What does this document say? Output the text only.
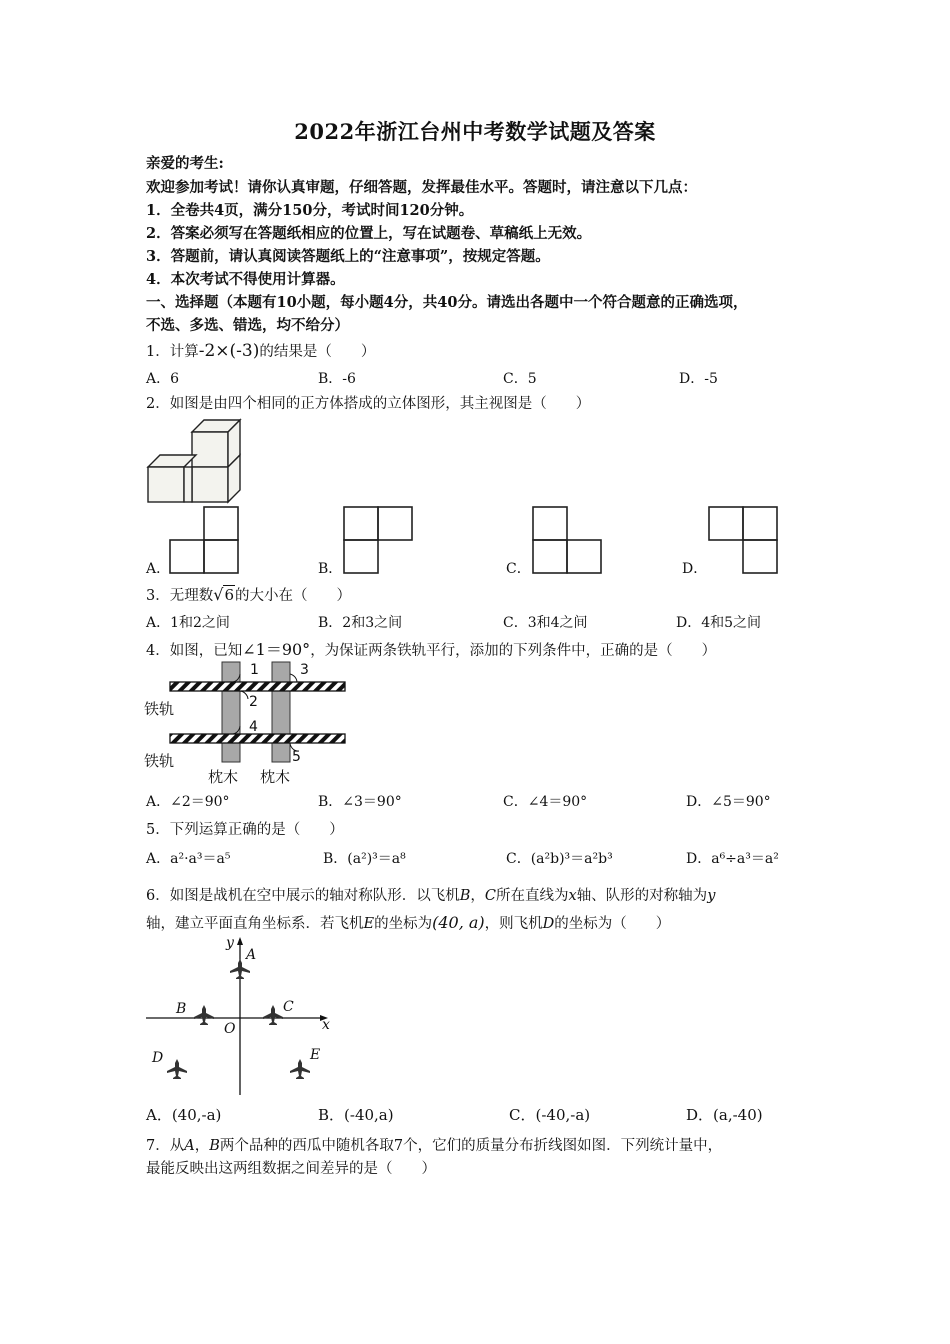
2022年浙江台州中考数学试题及答案
亲爱的考生:
欢迎参加考试！请你认真审题，仔细答题，发挥最佳水平。答题时，请注意以下几点：
1．全卷共4页，满分150分，考试时间120分钟。
2．答案必须写在答题纸相应的位置上，写在试题卷、草稿纸上无效。
3．答题前，请认真阅读答题纸上的“注意事项”，按规定答题。
4．本次考试不得使用计算器。
一、选择题（本题有10小题，每小题4分，共40分。请选出各题中一个符合题意的正确选项，
不选、多选、错选，均不给分）
1．计算-2×(-3)的结果是（　　）
A．6	B．-6	C．5	D．-5
2．如图是由四个相同的正方体搭成的立体图形，其主视图是（　　）
A．	B．	C．	D．
3．无理数√6的大小在（　　）
A．1和2之间	B．2和3之间	C．3和4之间	D．4和5之间
4．如图，已知∠1＝90°，为保证两条铁轨平行，添加的下列条件中，正确的是（　　）
1	3
2
4
5
铁轨
铁轨
枕木 枕木
A．∠2＝90°	B．∠3＝90°	C．∠4＝90°	D．∠5＝90°
5．下列运算正确的是（　　）
A．a²·a³＝a⁵	B．(a²)³＝a⁸	C．(a²b)³＝a²b³	D．a⁶÷a³＝a²
6．如图是战机在空中展示的轴对称队形．以飞机B，C所在直线为x轴、队形的对称轴为y
轴，建立平面直角坐标系．若飞机E的坐标为(40, a)，则飞机D的坐标为（　　）
y
A
B	C
O	x
D	E
A．(40,-a)	B．(-40,a)	C．(-40,-a)	D．(a,-40)
7．从A，B两个品种的西瓜中随机各取7个，它们的质量分布折线图如图．下列统计量中，
最能反映出这两组数据之间差异的是（　　）
